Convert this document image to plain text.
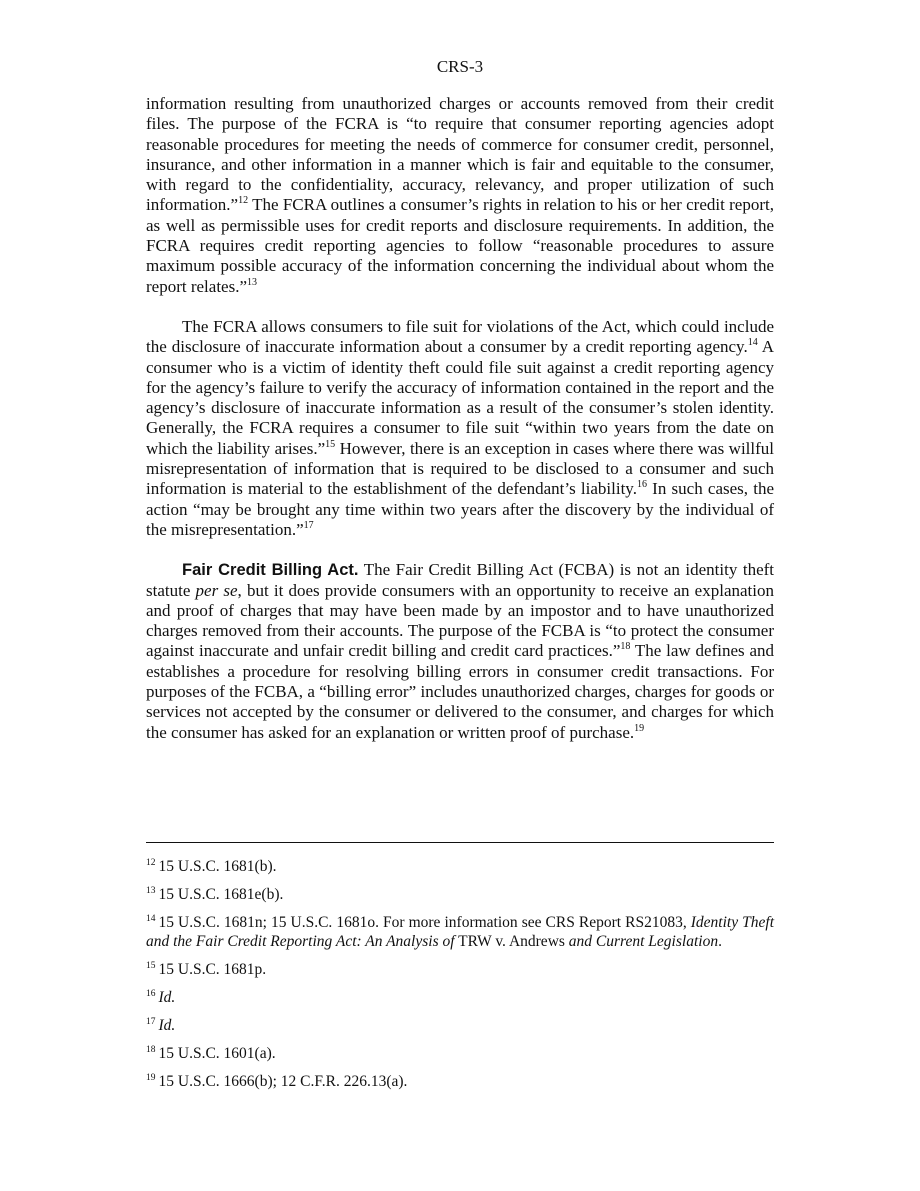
CRS-3

information resulting from unauthorized charges or accounts removed from their credit files. The purpose of the FCRA is “to require that consumer reporting agencies adopt reasonable procedures for meeting the needs of commerce for consumer credit, personnel, insurance, and other information in a manner which is fair and equitable to the consumer, with regard to the confidentiality, accuracy, relevancy, and proper utilization of such information.”$^{12}$ The FCRA outlines a consumer’s rights in relation to his or her credit report, as well as permissible uses for credit reports and disclosure requirements. In addition, the FCRA requires credit reporting agencies to follow “reasonable procedures to assure maximum possible accuracy of the information concerning the individual about whom the report relates.”$^{13}$

The FCRA allows consumers to file suit for violations of the Act, which could include the disclosure of inaccurate information about a consumer by a credit reporting agency.$^{14}$ A consumer who is a victim of identity theft could file suit against a credit reporting agency for the agency’s failure to verify the accuracy of information contained in the report and the agency’s disclosure of inaccurate information as a result of the consumer’s stolen identity. Generally, the FCRA requires a consumer to file suit “within two years from the date on which the liability arises.”$^{15}$ However, there is an exception in cases where there was willful misrepresentation of information that is required to be disclosed to a consumer and such information is material to the establishment of the defendant’s liability.$^{16}$ In such cases, the action “may be brought any time within two years after the discovery by the individual of the misrepresentation.”$^{17}$

Fair Credit Billing Act. The Fair Credit Billing Act (FCBA) is not an identity theft statute per se, but it does provide consumers with an opportunity to receive an explanation and proof of charges that may have been made by an impostor and to have unauthorized charges removed from their accounts. The purpose of the FCBA is “to protect the consumer against inaccurate and unfair credit billing and credit card practices.”$^{18}$ The law defines and establishes a procedure for resolving billing errors in consumer credit transactions. For purposes of the FCBA, a “billing error” includes unauthorized charges, charges for goods or services not accepted by the consumer or delivered to the consumer, and charges for which the consumer has asked for an explanation or written proof of purchase.$^{19}$

$^{12}$ 15 U.S.C. 1681(b).

$^{13}$ 15 U.S.C. 1681e(b).

$^{14}$ 15 U.S.C. 1681n; 15 U.S.C. 1681o. For more information see CRS Report RS21083, Identity Theft and the Fair Credit Reporting Act: An Analysis of TRW v. Andrews and Current Legislation.

$^{15}$ 15 U.S.C. 1681p.

$^{16}$ Id.

$^{17}$ Id.

$^{18}$ 15 U.S.C. 1601(a).

$^{19}$ 15 U.S.C. 1666(b); 12 C.F.R. 226.13(a).
